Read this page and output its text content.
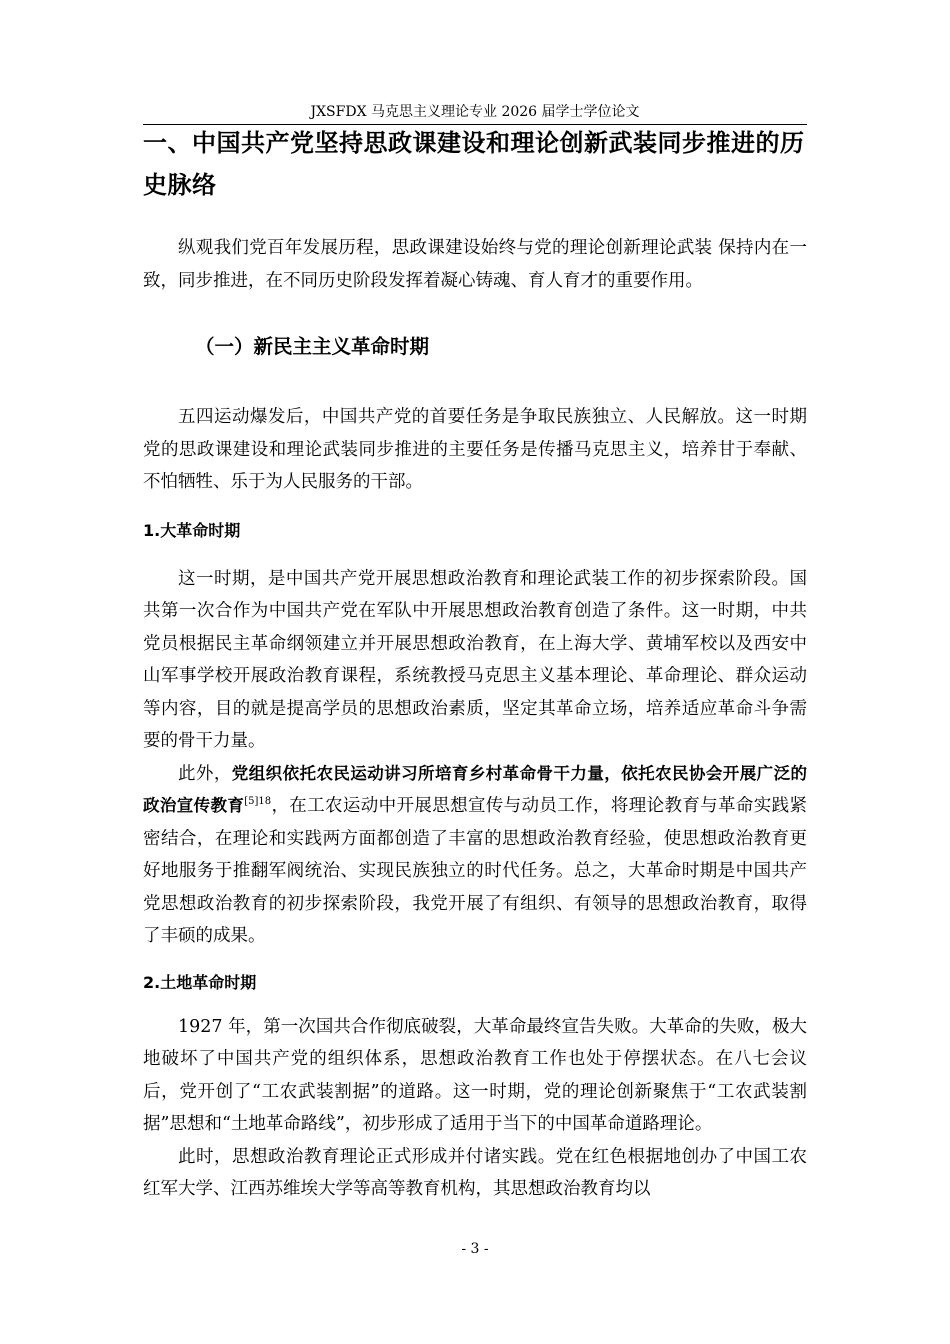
JXSFDX 马克思主义理论专业 2026 届学士学位论文
一、中国共产党坚持思政课建设和理论创新武装同步推进的历史脉络

纵观我们党百年发展历程，思政课建设始终与党的理论创新理论武装 保持内在一致，同步推进，在不同历史阶段发挥着凝心铸魂、育人育才的重要作用。

（一）新民主主义革命时期

五四运动爆发后，中国共产党的首要任务是争取民族独立、人民解放。这一时期党的思政课建设和理论武装同步推进的主要任务是传播马克思主义，培养甘于奉献、不怕牺牲、乐于为人民服务的干部。

1.大革命时期

这一时期，是中国共产党开展思想政治教育和理论武装工作的初步探索阶段。国共第一次合作为中国共产党在军队中开展思想政治教育创造了条件。这一时期，中共党员根据民主革命纲领建立并开展思想政治教育，在上海大学、黄埔军校以及西安中山军事学校开展政治教育课程，系统教授马克思主义基本理论、革命理论、群众运动等内容，目的就是提高学员的思想政治素质，坚定其革命立场，培养适应革命斗争需要的骨干力量。

此外，党组织依托农民运动讲习所培育乡村革命骨干力量，依托农民协会开展广泛的政治宣传教育$^{[5]18}$，在工农运动中开展思想宣传与动员工作，将理论教育与革命实践紧密结合，在理论和实践两方面都创造了丰富的思想政治教育经验，使思想政治教育更好地服务于推翻军阀统治、实现民族独立的时代任务。总之，大革命时期是中国共产党思想政治教育的初步探索阶段，我党开展了有组织、有领导的思想政治教育，取得了丰硕的成果。

2.土地革命时期

1927 年，第一次国共合作彻底破裂，大革命最终宣告失败。大革命的失败，极大地破坏了中国共产党的组织体系，思想政治教育工作也处于停摆状态。在八七会议后，党开创了“工农武装割据”的道路。这一时期，党的理论创新聚焦于“工农武装割据”思想和“土地革命路线”，初步形成了适用于当下的中国革命道路理论。

此时，思想政治教育理论正式形成并付诸实践。党在红色根据地创办了中国工农红军大学、江西苏维埃大学等高等教育机构，其思想政治教育均以

- 3 -
